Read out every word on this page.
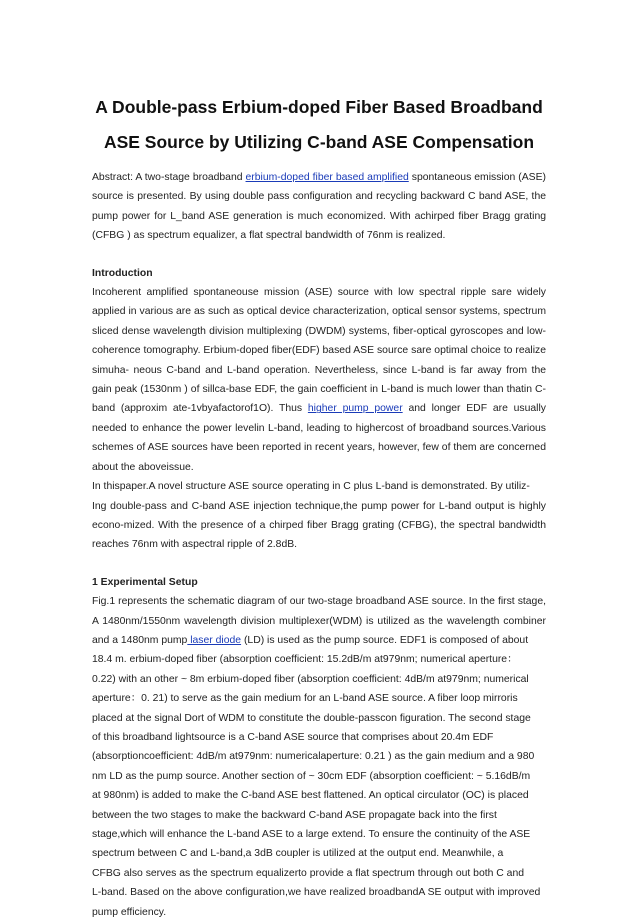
A Double-pass Erbium-doped Fiber Based Broadband
ASE Source by Utilizing C-band ASE Compensation

Abstract: A two-stage broadband erbium-doped fiber based amplified spontaneous emission (ASE) source is presented. By using double pass configuration and recycling backward C band ASE, the pump power for L_band ASE generation is much economized. With achirped fiber Bragg grating (CFBG ) as spectrum equalizer, a flat spectral bandwidth of 76nm is realized.

Introduction

Incoherent amplified spontaneouse mission (ASE) source with low spectral ripple sare widely applied in various are as such as optical device characterization, optical sensor systems, spectrum sliced dense wavelength division multiplexing (DWDM) systems, fiber-optical gyroscopes and low-coherence tomography. Erbium-doped fiber(EDF) based ASE source sare optimal choice to realize simuha- neous C-band and L-band operation. Nevertheless, since L-band is far away from the gain peak (1530nm ) of sillca-base EDF, the gain coefficient in L-band is much lower than thatin C-band (approxim ate-1vbyafactorof1O). Thus higher pump power and longer EDF are usually needed to enhance the power levelin L-band, leading to highercost of broadband sources.Various schemes of ASE sources have been reported in recent years, however, few of them are concerned about the aboveissue.

In thispaper.A novel structure ASE source operating in C plus L-band is demonstrated. By utiliz-

Ing double-pass and C-band ASE injection technique,the pump power for L-band output is highly econo-mized. With the presence of a chirped fiber Bragg grating (CFBG), the spectral bandwidth reaches 76nm with aspectral ripple of 2.8dB.

1 Experimental Setup

Fig.1 represents the schematic diagram of our two-stage broadband ASE source. In the first stage,

A 1480nm/1550nm wavelength division multiplexer(WDM) is utilized as the wavelength combiner

and a 1480nm pump laser diode (LD) is used as the pump source. EDF1 is composed of about

18.4 m. erbium-doped fiber (absorption coefficient: 15.2dB/m at979nm; numerical aperture：

0.22) with an other ~ 8m erbium-doped fiber (absorption coefficient: 4dB/m at979nm; numerical

aperture：0. 21) to serve as the gain medium for an L-band ASE source. A fiber loop mirroris

placed at the signal Dort of WDM to constitute the double-passcon figuration. The second stage

of this broadband lightsource is a C-band ASE source that comprises about 20.4m EDF

(absorptioncoefficient: 4dB/m at979nm: numericalaperture: 0.21 ) as the gain medium and a 980

nm LD as the pump source. Another section of ~ 30cm EDF (absorption coefficient: ~ 5.16dB/m

at 980nm) is added to make the C-band ASE best flattened. An optical circulator (OC) is placed

between the two stages to make the backward C-band ASE propagate back into the first

stage,which will enhance the L-band ASE to a large extend. To ensure the continuity of the ASE

spectrum between C and L-band,a 3dB coupler is utilized at the output end. Meanwhile, a

CFBG also serves as the spectrum equalizerto provide a flat spectrum through out both C and

L-band. Based on the above configuration,we have realized broadbandA SE output with improved

pump efficiency.
